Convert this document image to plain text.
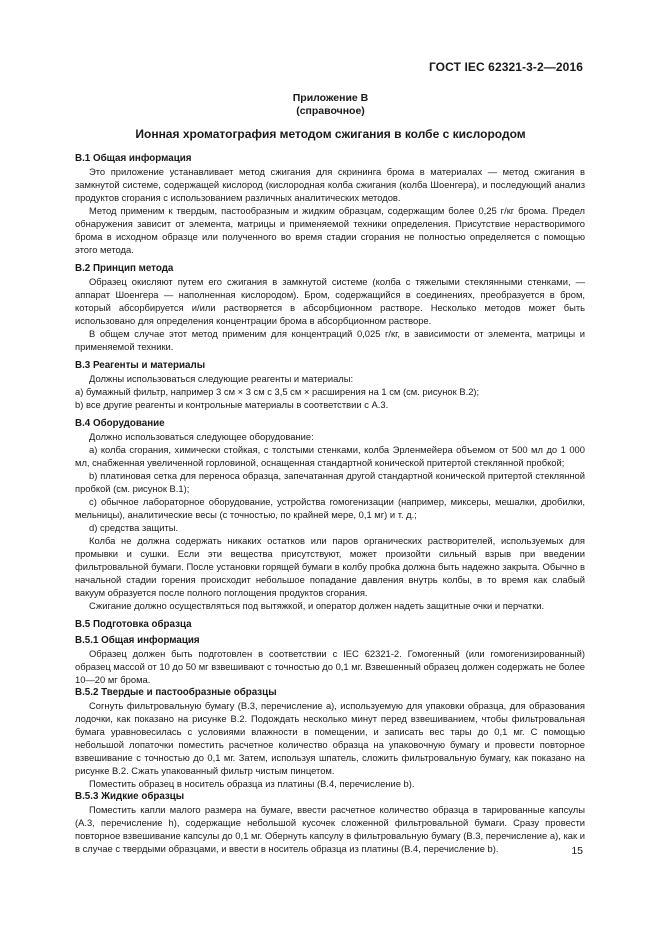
ГОСТ IEC 62321-3-2—2016
Приложение В
(справочное)
Ионная хроматография методом сжигания в колбе с кислородом
В.1 Общая информация

Это приложение устанавливает метод сжигания для скрининга брома в материалах — метод сжигания в замкнутой системе, содержащей кислород (кислородная колба сжигания (колба Шоенгера), и последующий анализ продуктов сгорания с использованием различных аналитических методов.

Метод применим к твердым, пастообразным и жидким образцам, содержащим более 0,25 г/кг брома. Предел обнаружения зависит от элемента, матрицы и применяемой техники определения. Присутствие нерастворимого брома в исходном образце или полученного во время стадии сгорания не полностью определяется с помощью этого метода.

В.2 Принцип метода

Образец окисляют путем его сжигания в замкнутой системе (колба с тяжелыми стеклянными стенками, — аппарат Шоенгера — наполненная кислородом). Бром, содержащийся в соединениях, преобразуется в бром, который абсорбируется и/или растворяется в абсорбционном растворе. Несколько методов может быть использовано для определения концентрации брома в абсорбционном растворе.

В общем случае этот метод применим для концентраций 0,025 г/кг, в зависимости от элемента, матрицы и применяемой техники.

В.3 Реагенты и материалы

Должны использоваться следующие реагенты и материалы:

a) бумажный фильтр, например 3 см × 3 см с 3,5 см × расширения на 1 см (см. рисунок В.2);

b) все другие реагенты и контрольные материалы в соответствии с А.3.

В.4 Оборудование

Должно использоваться следующее оборудование:

a) колба сгорания, химически стойкая, с толстыми стенками, колба Эрленмейера объемом от 500 мл до 1 000 мл, снабженная увеличенной горловиной, оснащенная стандартной конической притертой стеклянной пробкой;

b) платиновая сетка для переноса образца, запечатанная другой стандартной конической притертой стеклянной пробкой (см. рисунок В.1);

c) обычное лабораторное оборудование, устройства гомогенизации (например, миксеры, мешалки, дробилки, мельницы), аналитические весы (с точностью, по крайней мере, 0,1 мг) и т. д.;

d) средства защиты.

Колба не должна содержать никаких остатков или паров органических растворителей, используемых для промывки и сушки. Если эти вещества присутствуют, может произойти сильный взрыв при введении фильтровальной бумаги. После установки горящей бумаги в колбу пробка должна быть надежно закрыта. Обычно в начальной стадии горения происходит небольшое попадание давления внутрь колбы, в то время как слабый вакуум образуется после полного поглощения продуктов сгорания.

Сжигание должно осуществляться под вытяжкой, и оператор должен надеть защитные очки и перчатки.

В.5 Подготовка образца
В.5.1 Общая информация

Образец должен быть подготовлен в соответствии с IEC 62321-2. Гомогенный (или гомогенизированный) образец массой от 10 до 50 мг взвешивают с точностью до 0,1 мг. Взвешенный образец должен содержать не более 10—20 мг брома.

В.5.2 Твердые и пастообразные образцы

Согнуть фильтровальную бумагу (В.3, перечисление a), используемую для упаковки образца, для образования лодочки, как показано на рисунке В.2. Подождать несколько минут перед взвешиванием, чтобы фильтровальная бумага уравновесилась с условиями влажности в помещении, и записать вес тары до 0,1 мг. С помощью небольшой лопаточки поместить расчетное количество образца на упаковочную бумагу и провести повторное взвешивание с точностью до 0,1 мг. Затем, используя шпатель, сложить фильтровальную бумагу, как показано на рисунке В.2. Сжать упакованный фильтр чистым пинцетом.

Поместить образец в носитель образца из платины (В.4, перечисление b).

В.5.3 Жидкие образцы

Поместить капли малого размера на бумаге, ввести расчетное количество образца в тарированные капсулы (А.3, перечисление h), содержащие небольшой кусочек сложенной фильтровальной бумаги. Сразу провести повторное взвешивание капсулы до 0,1 мг. Обернуть капсулу в фильтровальную бумагу (В.3, перечисление a), как и в случае с твердыми образцами, и ввести в носитель образца из платины (В.4, перечисление b).	15
